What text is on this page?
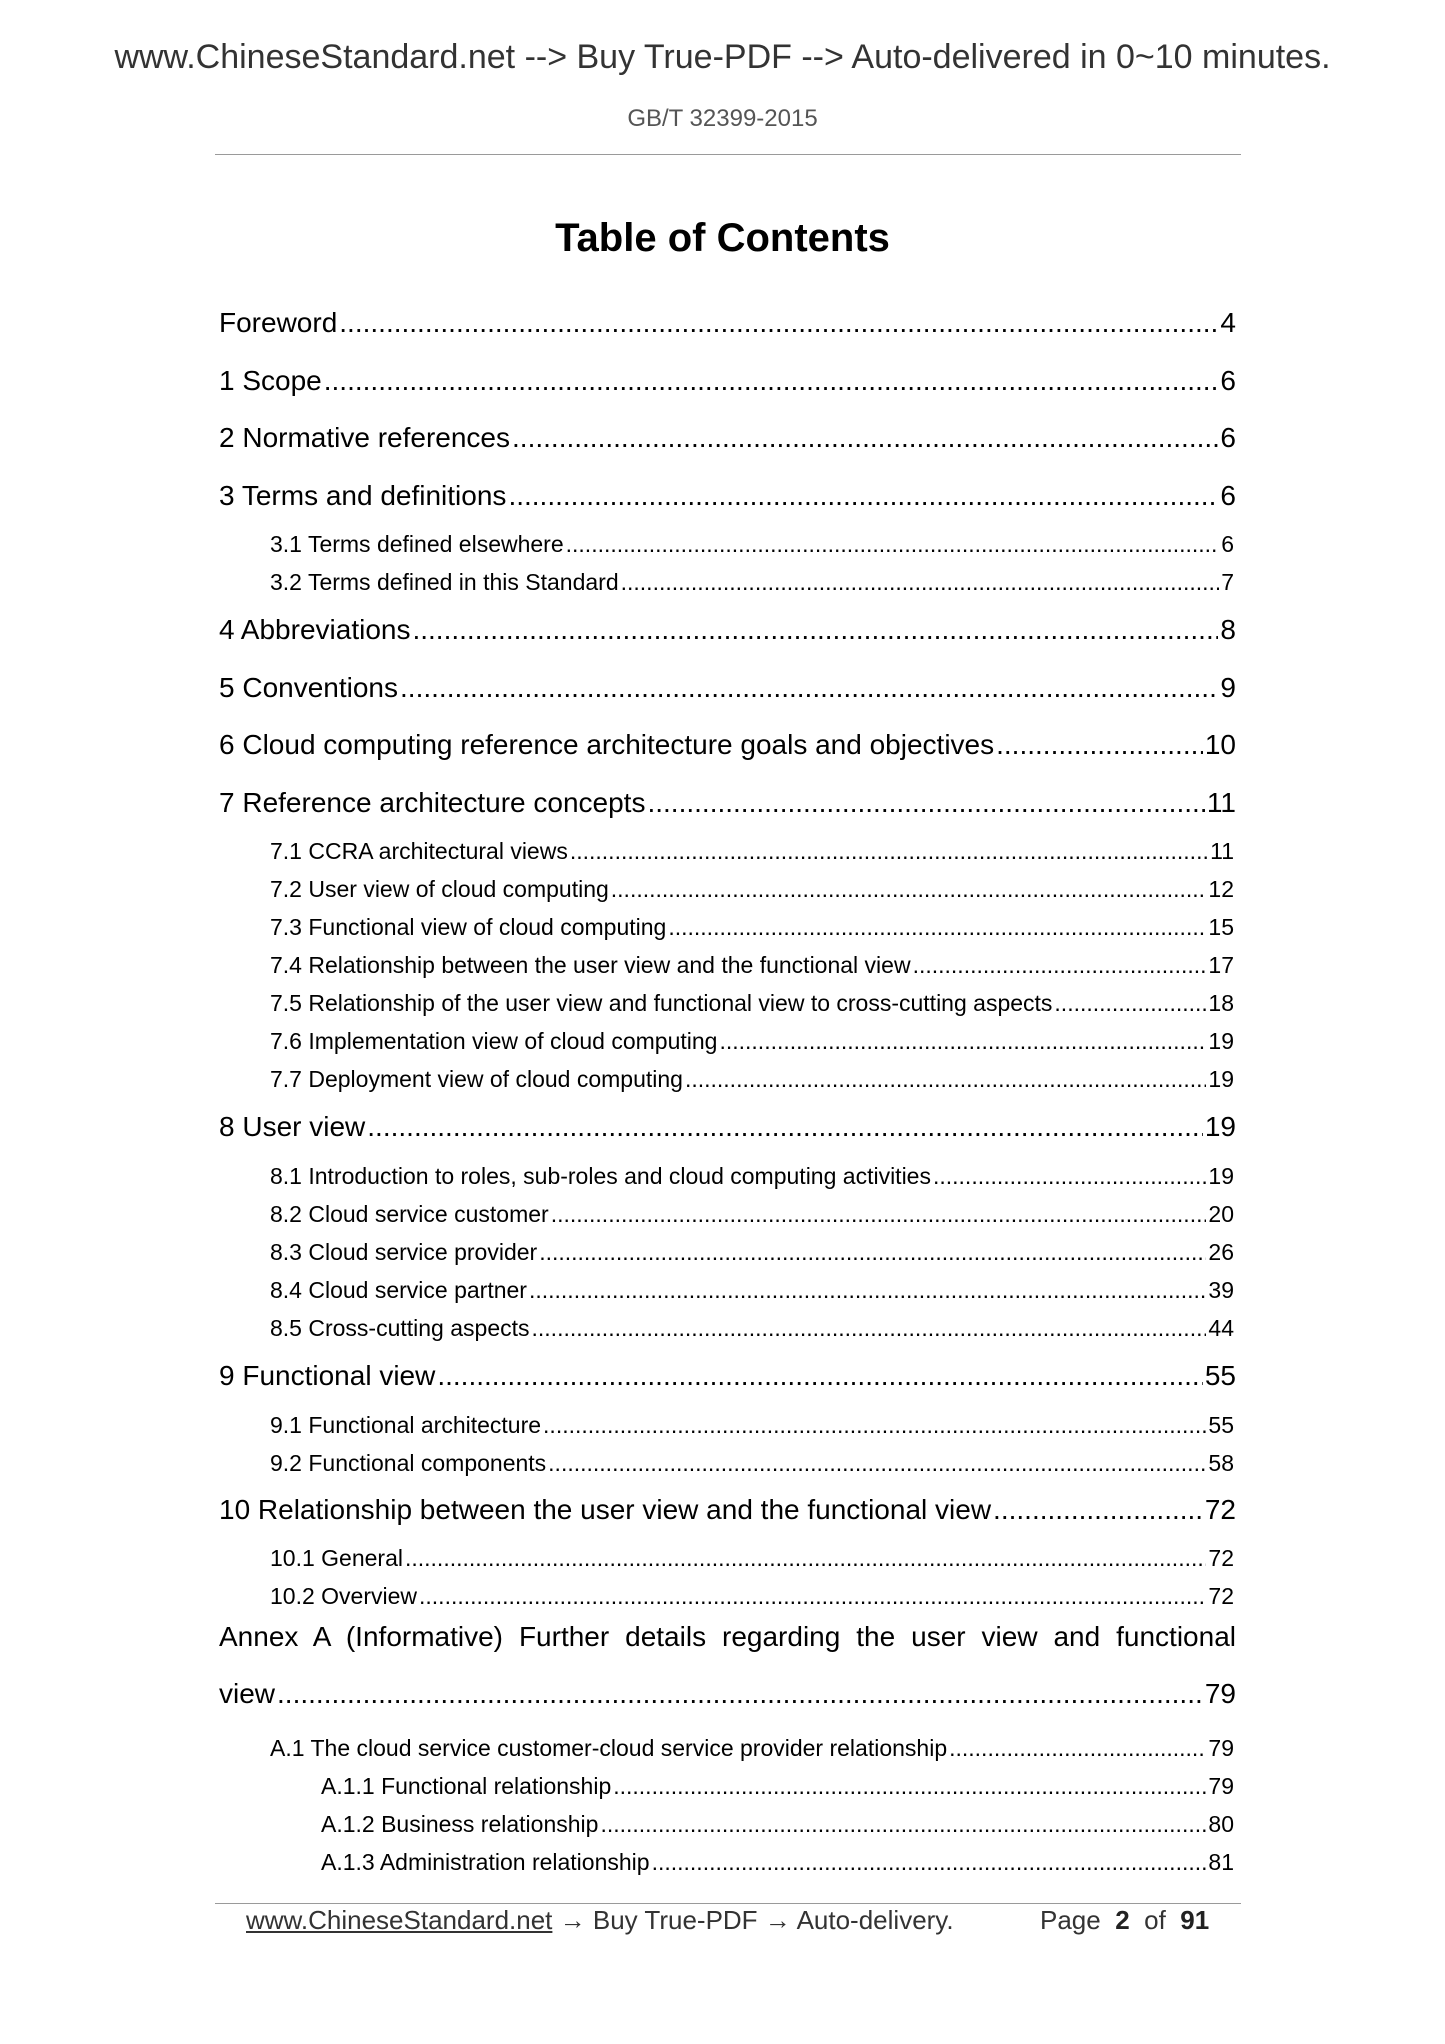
www.ChineseStandard.net --> Buy True-PDF --> Auto-delivered in 0~10 minutes.
GB/T 32399-2015
Table of Contents
Foreword .....	4
1 Scope .....	6
2 Normative references .....	6
3 Terms and definitions .....	6
3.1 Terms defined elsewhere .....	6
3.2 Terms defined in this Standard .....	7
4 Abbreviations .....	8
5 Conventions .....	9
6 Cloud computing reference architecture goals and objectives .....	10
7 Reference architecture concepts .....	11
7.1 CCRA architectural views .....	11
7.2 User view of cloud computing .....	12
7.3 Functional view of cloud computing .....	15
7.4 Relationship between the user view and the functional view .....	17
7.5 Relationship of the user view and functional view to cross-cutting aspects .....	18
7.6 Implementation view of cloud computing .....	19
7.7 Deployment view of cloud computing .....	19
8 User view .....	19
8.1 Introduction to roles, sub-roles and cloud computing activities .....	19
8.2 Cloud service customer .....	20
8.3 Cloud service provider .....	26
8.4 Cloud service partner .....	39
8.5 Cross-cutting aspects .....	44
9 Functional view .....	55
9.1 Functional architecture .....	55
9.2 Functional components .....	58
10 Relationship between the user view and the functional view .....	72
10.1 General .....	72
10.2 Overview .....	72
Annex A (Informative) Further details regarding the user view and functional
view .....	79
A.1 The cloud service customer-cloud service provider relationship .....	79
A.1.1 Functional relationship .....	79
A.1.2 Business relationship .....	80
A.1.3 Administration relationship .....	81
www.ChineseStandard.net → Buy True-PDF → Auto-delivery.	Page 2 of 91
